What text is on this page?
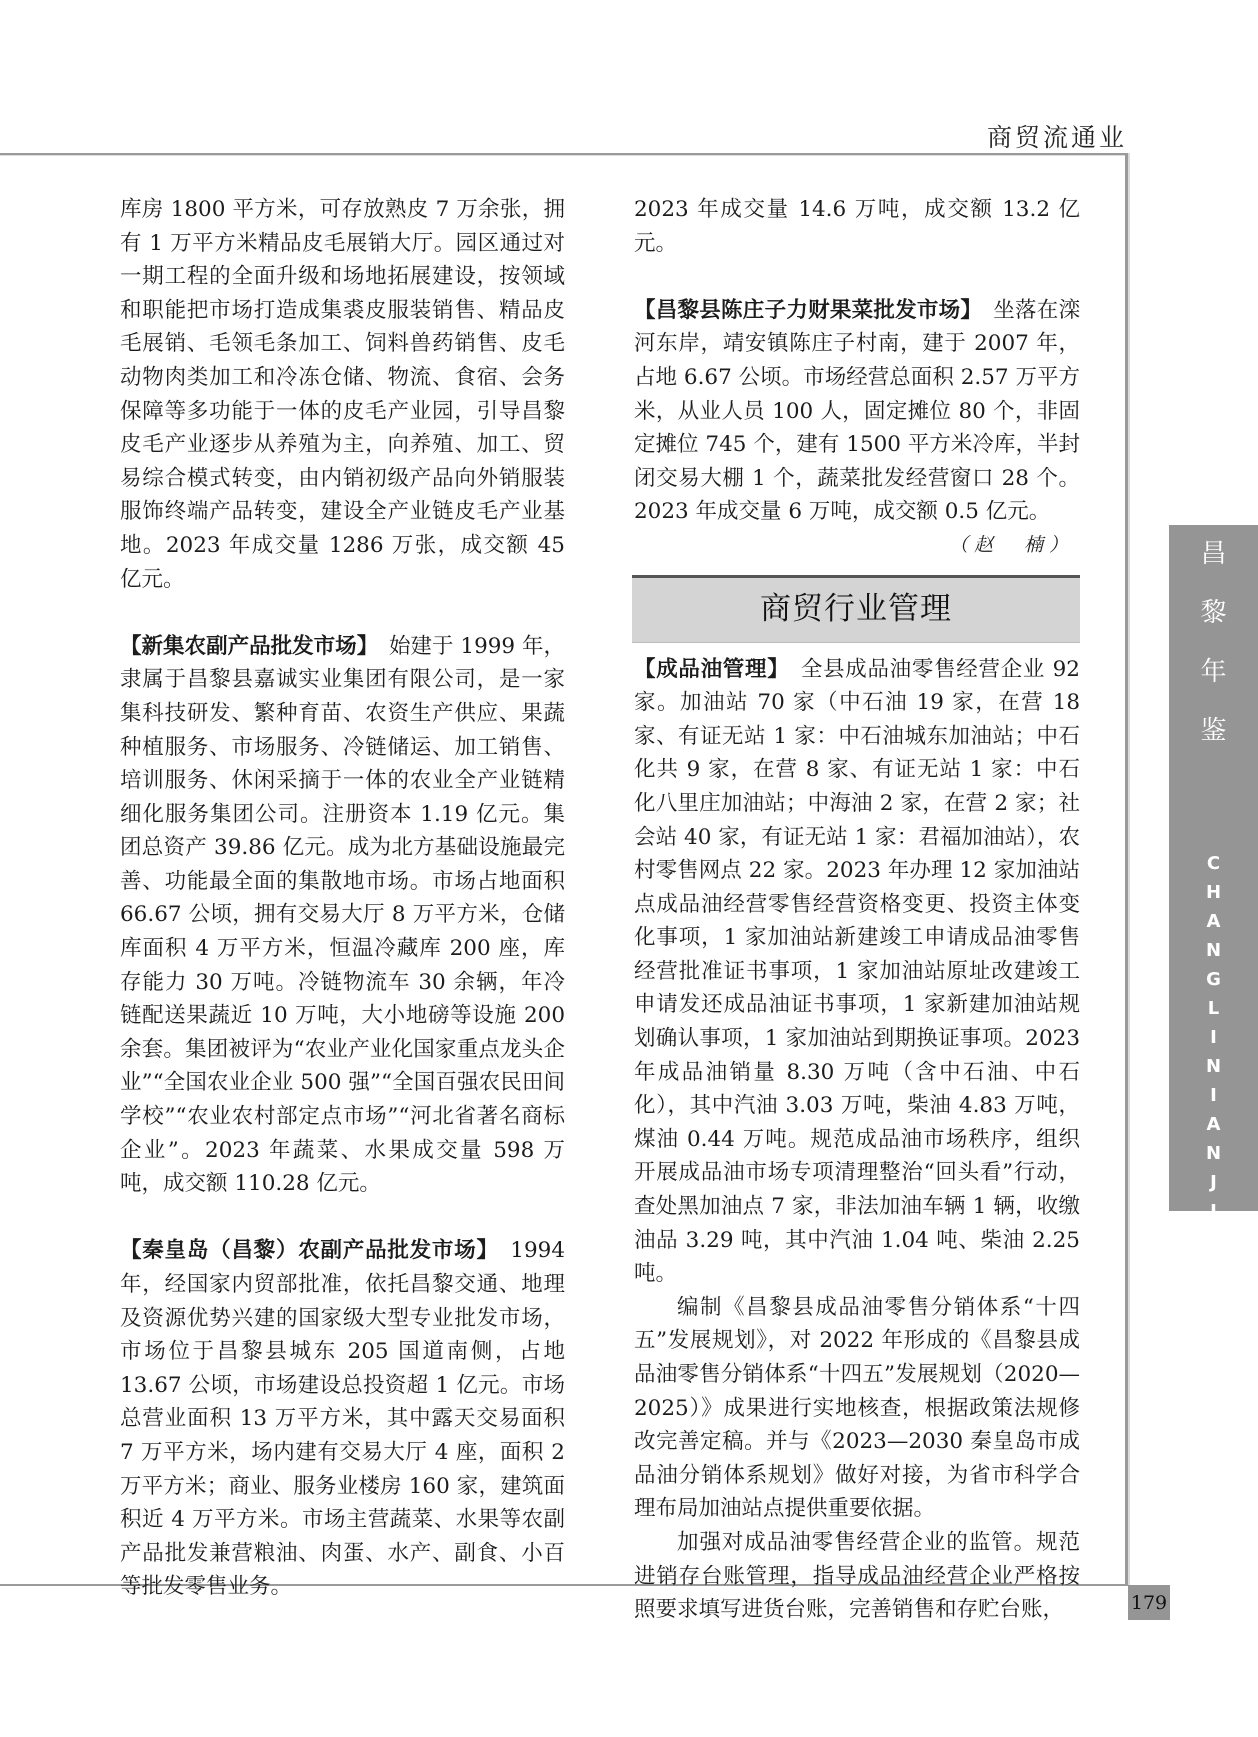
商贸流通业

库房 1800 平方米，可存放熟皮 7 万余张，拥有 1 万平方米精品皮毛展销大厅。园区通过对一期工程的全面升级和场地拓展建设，按领域和职能把市场打造成集裘皮服装销售、精品皮毛展销、毛领毛条加工、饲料兽药销售、皮毛动物肉类加工和冷冻仓储、物流、食宿、会务保障等多功能于一体的皮毛产业园，引导昌黎皮毛产业逐步从养殖为主，向养殖、加工、贸易综合模式转变，由内销初级产品向外销服装服饰终端产品转变，建设全产业链皮毛产业基地。2023 年成交量 1286 万张，成交额 45 亿元。

【新集农副产品批发市场】　始建于 1999 年，隶属于昌黎县嘉诚实业集团有限公司，是一家集科技研发、繁种育苗、农资生产供应、果蔬种植服务、市场服务、冷链储运、加工销售、培训服务、休闲采摘于一体的农业全产业链精细化服务集团公司。注册资本 1.19 亿元。集团总资产 39.86 亿元。成为北方基础设施最完善、功能最全面的集散地市场。市场占地面积 66.67 公顷，拥有交易大厅 8 万平方米，仓储库面积 4 万平方米，恒温冷藏库 200 座，库存能力 30 万吨。冷链物流车 30 余辆，年冷链配送果蔬近 10 万吨，大小地磅等设施 200 余套。集团被评为“农业产业化国家重点龙头企业”“全国农业企业 500 强”“全国百强农民田间学校”“农业农村部定点市场”“河北省著名商标企业”。2023 年蔬菜、水果成交量 598 万吨，成交额 110.28 亿元。

【秦皇岛（昌黎）农副产品批发市场】　1994 年，经国家内贸部批准，依托昌黎交通、地理及资源优势兴建的国家级大型专业批发市场，市场位于昌黎县城东 205 国道南侧，占地 13.67 公顷，市场建设总投资超 1 亿元。市场总营业面积 13 万平方米，其中露天交易面积 7 万平方米，场内建有交易大厅 4 座，面积 2 万平方米；商业、服务业楼房 160 家，建筑面积近 4 万平方米。市场主营蔬菜、水果等农副产品批发兼营粮油、肉蛋、水产、副食、小百等批发零售业务。

2023 年成交量 14.6 万吨，成交额 13.2 亿元。

【昌黎县陈庄子力财果菜批发市场】　坐落在滦河东岸，靖安镇陈庄子村南，建于 2007 年，占地 6.67 公顷。市场经营总面积 2.57 万平方米，从业人员 100 人，固定摊位 80 个，非固定摊位 745 个，建有 1500 平方米冷库，半封闭交易大棚 1 个，蔬菜批发经营窗口 28 个。2023 年成交量 6 万吨，成交额 0.5 亿元。

（赵　楠）

商贸行业管理

【成品油管理】　全县成品油零售经营企业 92 家。加油站 70 家（中石油 19 家，在营 18 家、有证无站 1 家：中石油城东加油站；中石化共 9 家，在营 8 家、有证无站 1 家：中石化八里庄加油站；中海油 2 家，在营 2 家；社会站 40 家，有证无站 1 家：君福加油站），农村零售网点 22 家。2023 年办理 12 家加油站点成品油经营零售经营资格变更、投资主体变化事项，1 家加油站新建竣工申请成品油零售经营批准证书事项，1 家加油站原址改建竣工申请发还成品油证书事项，1 家新建加油站规划确认事项，1 家加油站到期换证事项。2023 年成品油销量 8.30 万吨（含中石油、中石化），其中汽油 3.03 万吨，柴油 4.83 万吨，煤油 0.44 万吨。规范成品油市场秩序，组织开展成品油市场专项清理整治“回头看”行动，查处黑加油点 7 家，非法加油车辆 1 辆，收缴油品 3.29 吨，其中汽油 1.04 吨、柴油 2.25 吨。

编制《昌黎县成品油零售分销体系“十四五”发展规划》，对 2022 年形成的《昌黎县成品油零售分销体系“十四五”发展规划（2020—2025）》成果进行实地核查，根据政策法规修改完善定稿。并与《2023—2030 秦皇岛市成品油分销体系规划》做好对接，为省市科学合理布局加油站点提供重要依据。

加强对成品油零售经营企业的监管。规范进销存台账管理，指导成品油经营企业严格按照要求填写进货台账，完善销售和存贮台账，

昌
黎
年
鉴
C
H
A
N
G
L
I
N
I
A
N
J
I
A
N
179
